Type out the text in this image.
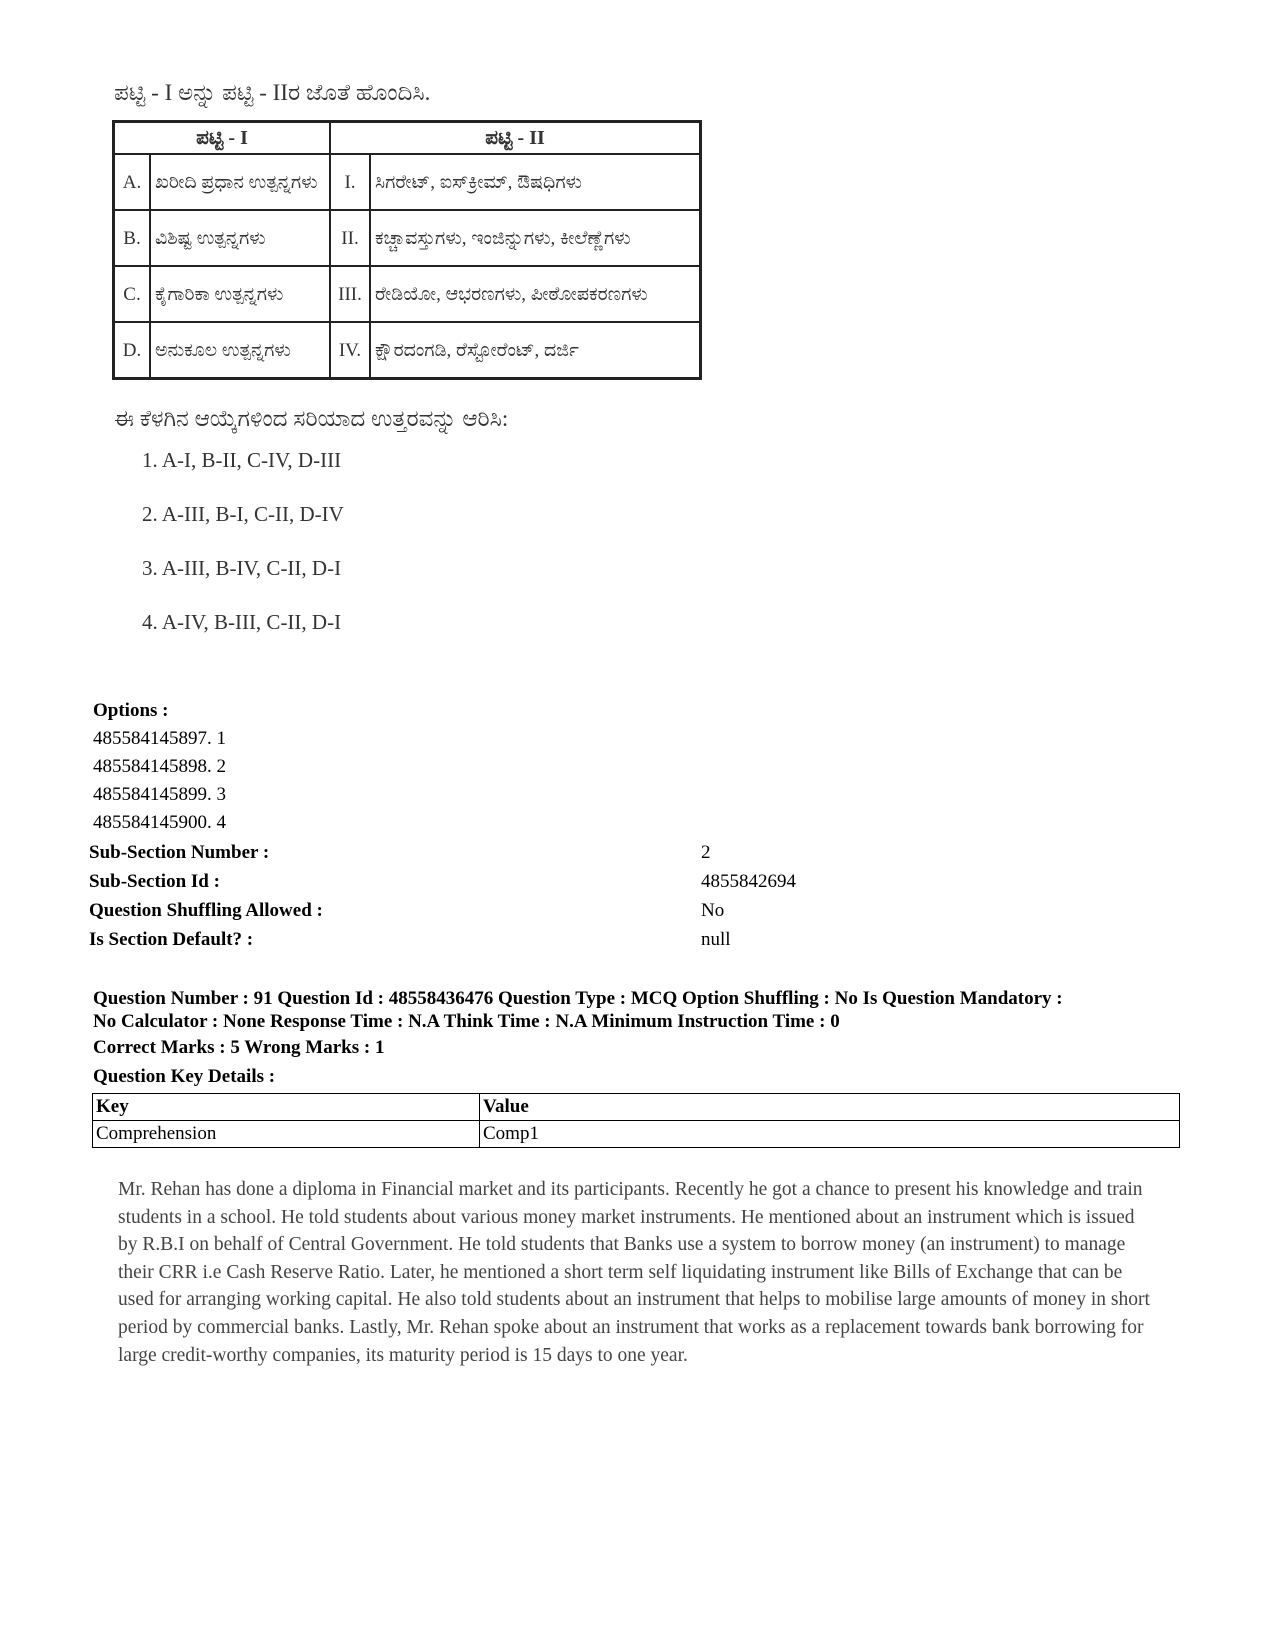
ಪಟ್ಟಿ - I ಅನ್ನು ಪಟ್ಟಿ - IIರ ಜೊತೆ ಹೊಂದಿಸಿ.
ಪಟ್ಟಿ - I		ಪಟ್ಟಿ - II	
A.	ಖರೀದಿ ಪ್ರಧಾನ ಉತ್ಪನ್ನಗಳು	I.	ಸಿಗರೇಟ್, ಐಸ್‌ಕ್ರೀಮ್, ಔಷಧಿಗಳು
B.	ವಿಶಿಷ್ಟ ಉತ್ಪನ್ನಗಳು	II.	ಕಚ್ಚಾವಸ್ತುಗಳು, ಇಂಜಿನ್ನುಗಳು, ಕೀಲೆಣ್ಣೆಗಳು
C.	ಕೈಗಾರಿಕಾ ಉತ್ಪನ್ನಗಳು	III.	ರೇಡಿಯೋ, ಆಭರಣಗಳು, ಪೀಠೋಪಕರಣಗಳು
D.	ಅನುಕೂಲ ಉತ್ಪನ್ನಗಳು	IV.	ಕ್ಷೌರದಂಗಡಿ, ರೆಸ್ಟೋರೆಂಟ್, ದರ್ಜಿ
ಈ ಕೆಳಗಿನ ಆಯ್ಕೆಗಳಿಂದ ಸರಿಯಾದ ಉತ್ತರವನ್ನು ಆರಿಸಿ:
1. A-I, B-II, C-IV, D-III
2. A-III, B-I, C-II, D-IV
3. A-III, B-IV, C-II, D-I
4. A-IV, B-III, C-II, D-I
Options :
485584145897. 1
485584145898. 2
485584145899. 3
485584145900. 4
Sub-Section Number :	2
Sub-Section Id :	4855842694
Question Shuffling Allowed :	No
Is Section Default? :	null
Question Number : 91 Question Id : 48558436476 Question Type : MCQ Option Shuffling : No Is Question Mandatory :
No Calculator : None Response Time : N.A Think Time : N.A Minimum Instruction Time : 0
Correct Marks : 5 Wrong Marks : 1
Question Key Details :
Key	Value
Comprehension	Comp1
Mr. Rehan has done a diploma in Financial market and its participants. Recently he got a chance to present his knowledge and train students in a school. He told students about various money market instruments. He mentioned about an instrument which is issued by R.B.I on behalf of Central Government. He told students that Banks use a system to borrow money (an instrument) to manage their CRR i.e Cash Reserve Ratio. Later, he mentioned a short term self liquidating instrument like Bills of Exchange that can be used for arranging working capital. He also told students about an instrument that helps to mobilise large amounts of money in short period by commercial banks. Lastly, Mr. Rehan spoke about an instrument that works as a replacement towards bank borrowing for large credit-worthy companies, its maturity period is 15 days to one year.
